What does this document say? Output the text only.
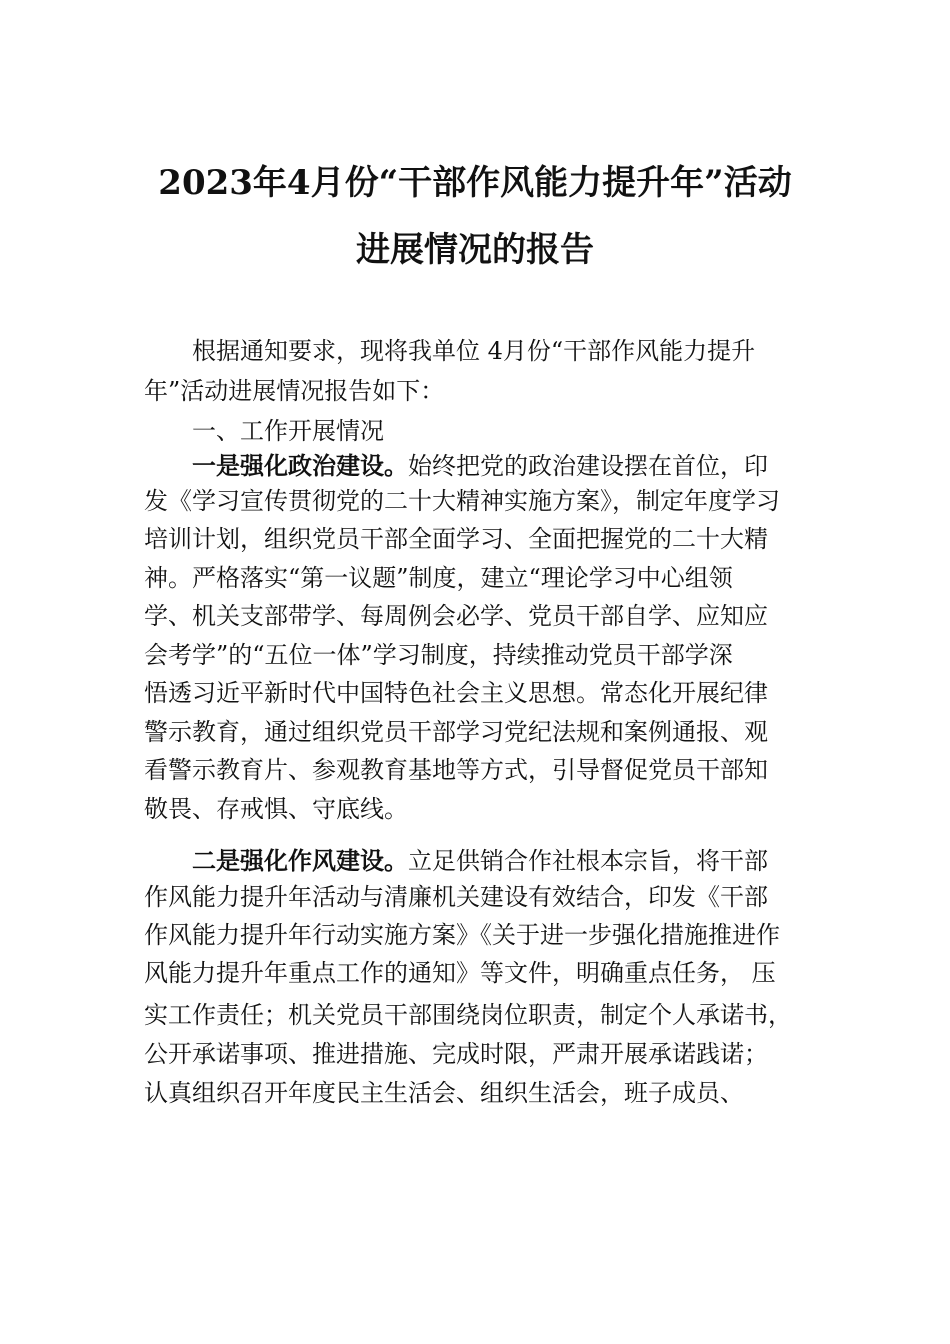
2023年4月份“干部作风能力提升年”活动
进展情况的报告
根据通知要求，现将我单位 4月份“干部作风能力提升
年”活动进展情况报告如下：
一、工作开展情况
一是强化政治建设。始终把党的政治建设摆在首位，印
发《学习宣传贯彻党的二十大精神实施方案》，制定年度学习
培训计划，组织党员干部全面学习、全面把握党的二十大精
神。严格落实“第一议题”制度，建立“理论学习中心组领
学、机关支部带学、每周例会必学、党员干部自学、应知应
会考学”的“五位一体”学习制度，持续推动党员干部学深
悟透习近平新时代中国特色社会主义思想。常态化开展纪律
警示教育，通过组织党员干部学习党纪法规和案例通报、观
看警示教育片、参观教育基地等方式，引导督促党员干部知
敬畏、存戒惧、守底线。
二是强化作风建设。立足供销合作社根本宗旨，将干部
作风能力提升年活动与清廉机关建设有效结合，印发《干部
作风能力提升年行动实施方案》《关于进一步强化措施推进作
风能力提升年重点工作的通知》等文件，明确重点任务， 压
实工作责任；机关党员干部围绕岗位职责，制定个人承诺书，
公开承诺事项、推进措施、完成时限，严肃开展承诺践诺；
认真组织召开年度民主生活会、组织生活会，班子成员、
